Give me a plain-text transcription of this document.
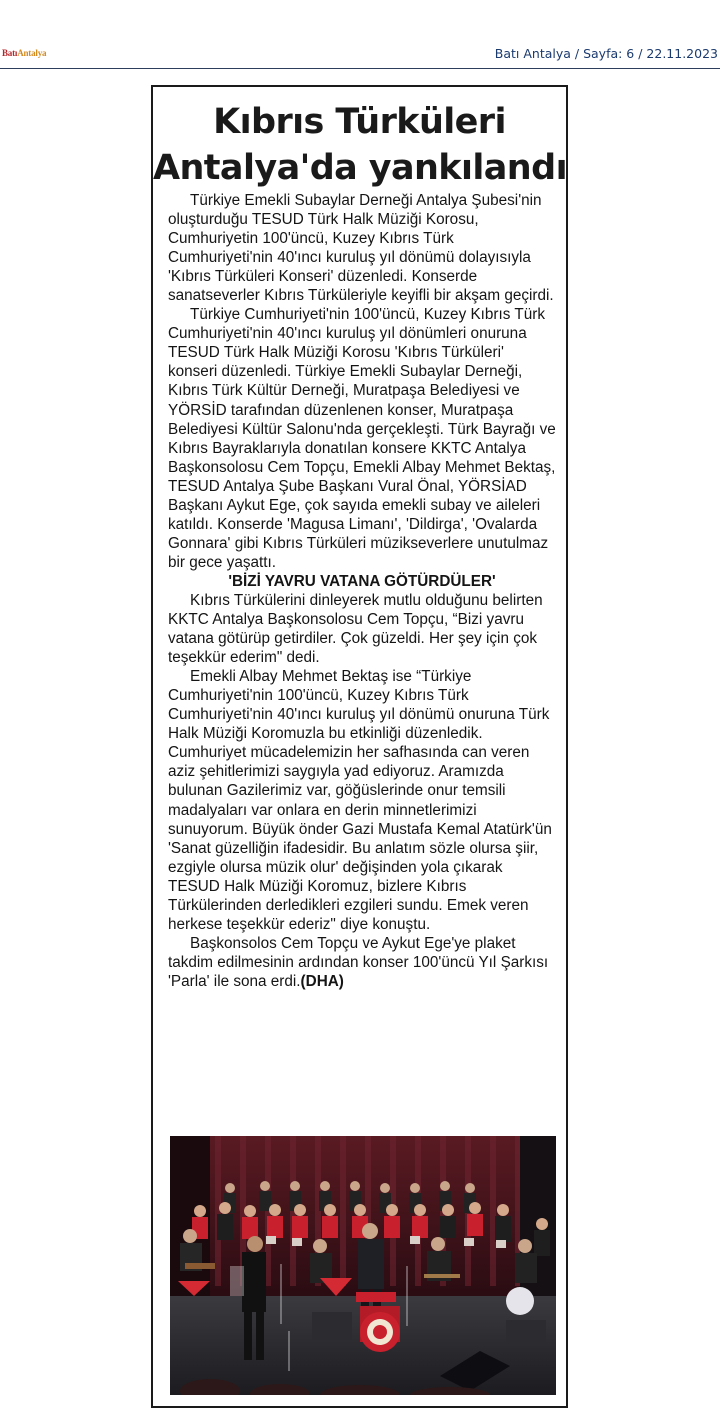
BatıAntalya	Batı Antalya / Sayfa: 6 / 22.11.2023
Kıbrıs Türküleri
Antalya'da yankılandı

Türkiye Emekli Subaylar Derneği Antalya Şubesi'nin oluşturduğu TESUD Türk Halk Müziği Korosu, Cumhuriyetin 100'üncü, Kuzey Kıbrıs Türk Cumhuriyeti'nin 40'ıncı kuruluş yıl dönümü dolayısıyla 'Kıbrıs Türküleri Konseri' düzenledi. Konserde sanatseverler Kıbrıs Türküleriyle keyifli bir akşam geçirdi.

Türkiye Cumhuriyeti'nin 100'üncü, Kuzey Kıbrıs Türk Cumhuriyeti'nin 40'ıncı kuruluş yıl dönümleri onuruna TESUD Türk Halk Müziği Korosu 'Kıbrıs Türküleri' konseri düzenledi. Türkiye Emekli Subaylar Derneği, Kıbrıs Türk Kültür Derneği, Muratpaşa Belediyesi ve YÖRSİD tarafından düzenlenen konser, Muratpaşa Belediyesi Kültür Salonu'nda gerçekleşti. Türk Bayrağı ve Kıbrıs Bayraklarıyla donatılan konsere KKTC Antalya Başkonsolosu Cem Topçu, Emekli Albay Mehmet Bektaş, TESUD Antalya Şube Başkanı Vural Önal, YÖRSİAD Başkanı Aykut Ege, çok sayıda emekli subay ve aileleri katıldı. Konserde 'Magusa Limanı', 'Dildirga', 'Ovalarda Gonnara' gibi Kıbrıs Türküleri müzikseverlere unutulmaz bir gece yaşattı.

'BİZİ YAVRU VATANA GÖTÜRDÜLER'

Kıbrıs Türkülerini dinleyerek mutlu olduğunu belirten KKTC Antalya Başkonsolosu Cem Topçu, “Bizi yavru vatana götürüp getirdiler. Çok güzeldi. Her şey için çok teşekkür ederim" dedi.

Emekli Albay Mehmet Bektaş ise “Türkiye Cumhuriyeti'nin 100'üncü, Kuzey Kıbrıs Türk Cumhuriyeti'nin 40'ıncı kuruluş yıl dönümü onuruna Türk Halk Müziği Koromuzla bu etkinliği düzenledik. Cumhuriyet mücadelemizin her safhasında can veren aziz şehitlerimizi saygıyla yad ediyoruz. Aramızda bulunan Gazilerimiz var, göğüslerinde onur temsili madalyaları var onlara en derin minnetlerimizi sunuyorum. Büyük önder Gazi Mustafa Kemal Atatürk'ün 'Sanat güzelliğin ifadesidir. Bu anlatım sözle olursa şiir, ezgiyle olursa müzik olur' değişinden yola çıkarak TESUD Halk Müziği Koromuz, bizlere Kıbrıs Türkülerinden derledikleri ezgileri sundu. Emek veren herkese teşekkür ederiz" diye konuştu.

Başkonsolos Cem Topçu ve Aykut Ege'ye plaket takdim edilmesinin ardından konser 100'üncü Yıl Şarkısı 'Parla' ile sona erdi.(DHA)
